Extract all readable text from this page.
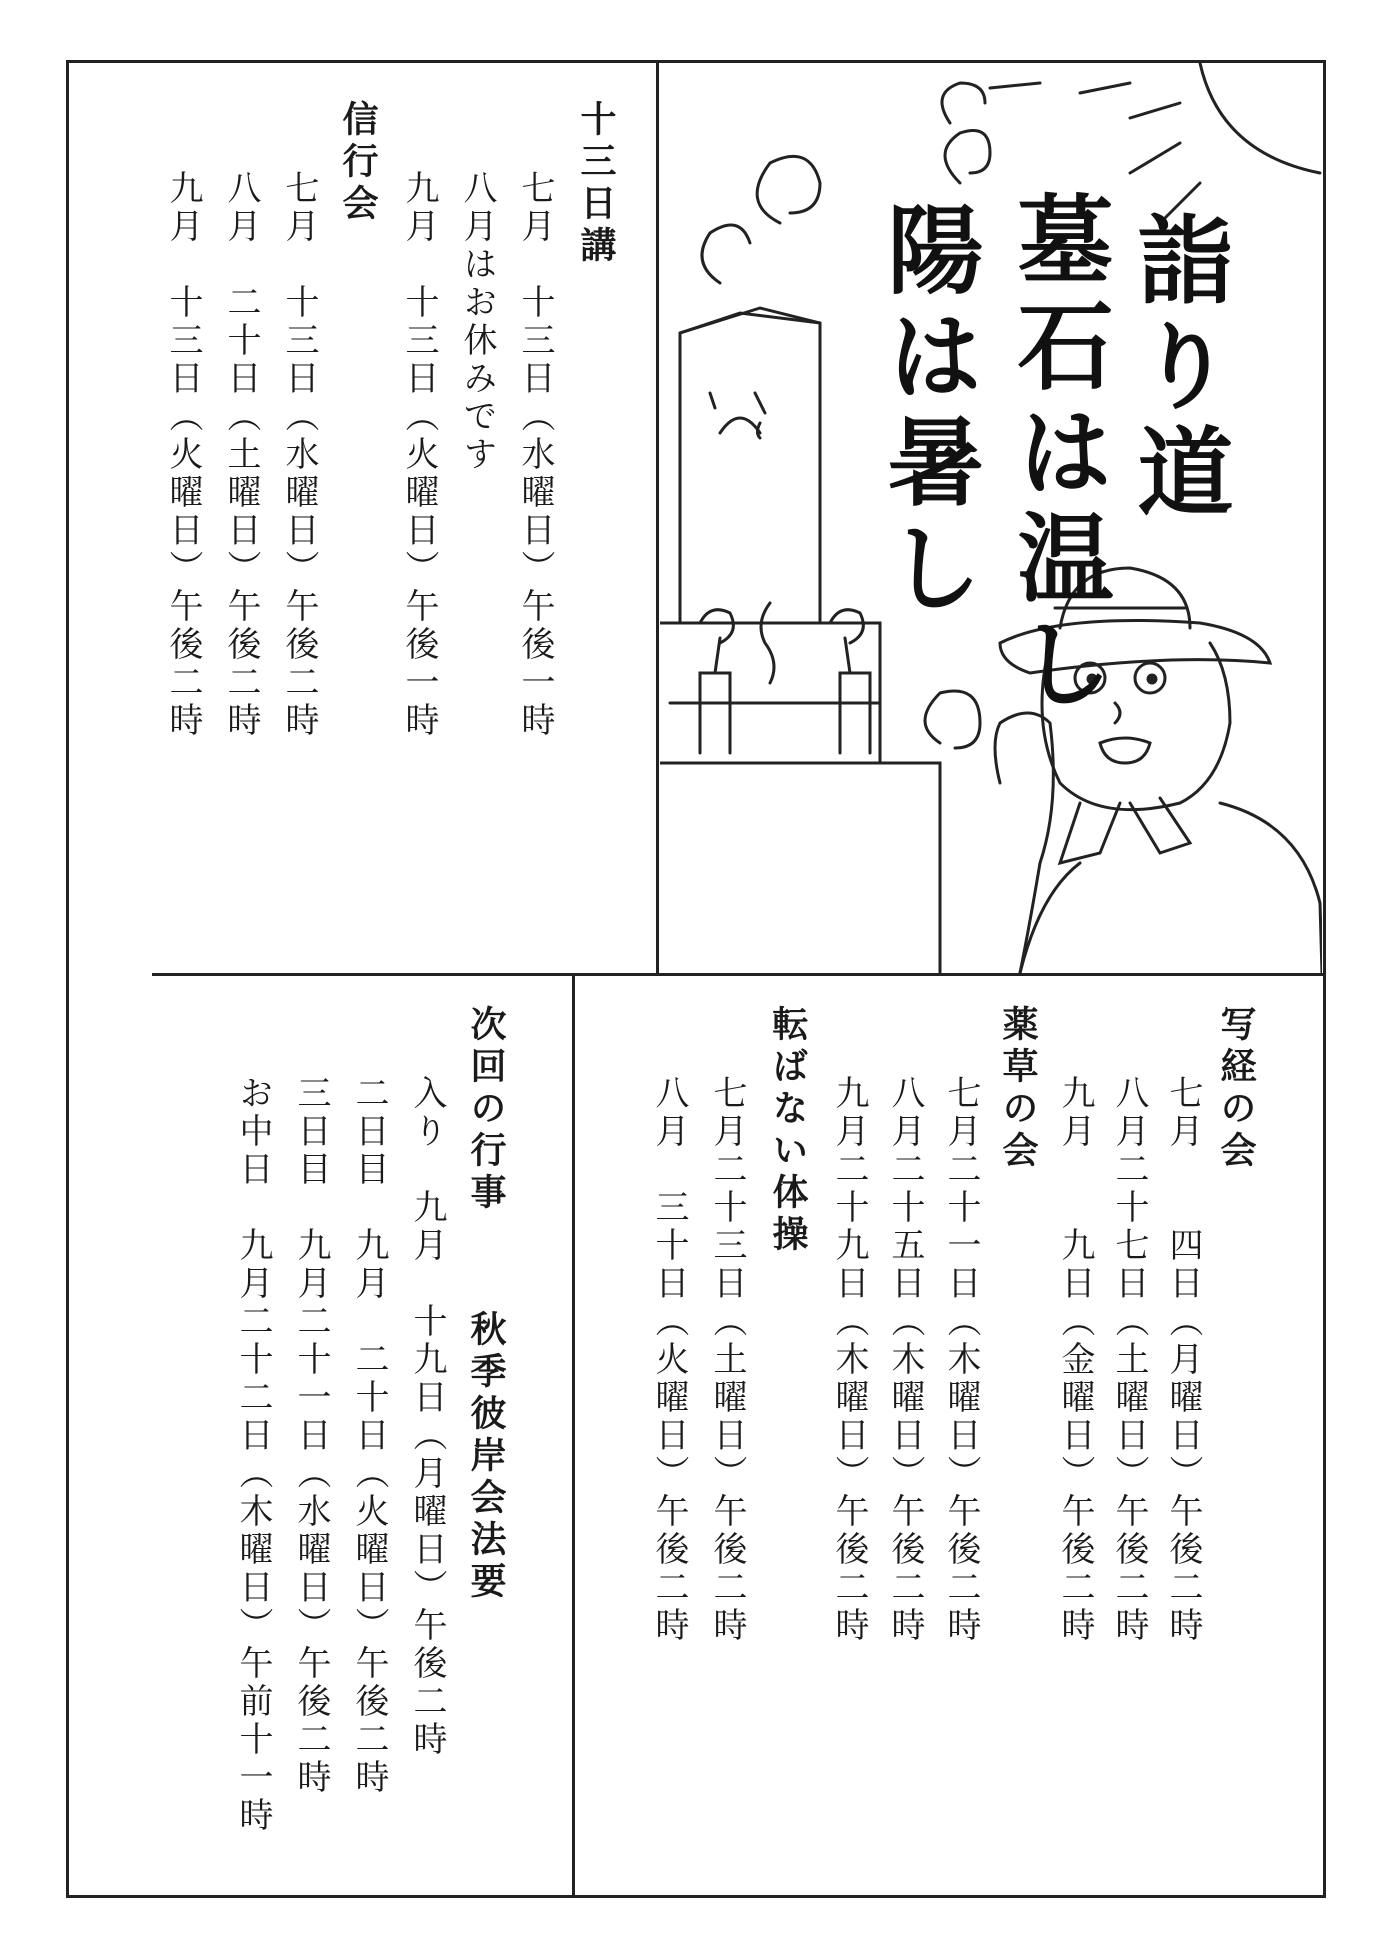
十三日講
七月　十三日（水曜日）午後一時
八月はお休みです
九月　十三日（火曜日）午後一時
信行会
七月　十三日（水曜日）午後二時
八月　二十日（土曜日）午後二時
九月　十三日（火曜日）午後二時	詣り道
墓石は温し
陽は暑し
写経の会
七月　　四日（月曜日）午後二時
八月二十七日（土曜日）午後二時
九月　　九日（金曜日）午後二時
薬草の会
七月二十一日（木曜日）午後二時
八月二十五日（木曜日）午後二時
九月二十九日（木曜日）午後二時
転ばない体操
七月二十三日（土曜日）午後二時
八月　三十日（火曜日）午後二時
次回の行事
秋季彼岸会法要
入り　九月　十九日（月曜日）午後二時
二日目　九月　二十日（火曜日）午後二時
三日目　九月二十一日（水曜日）午後二時
お中日　九月二十二日（木曜日）午前十一時
